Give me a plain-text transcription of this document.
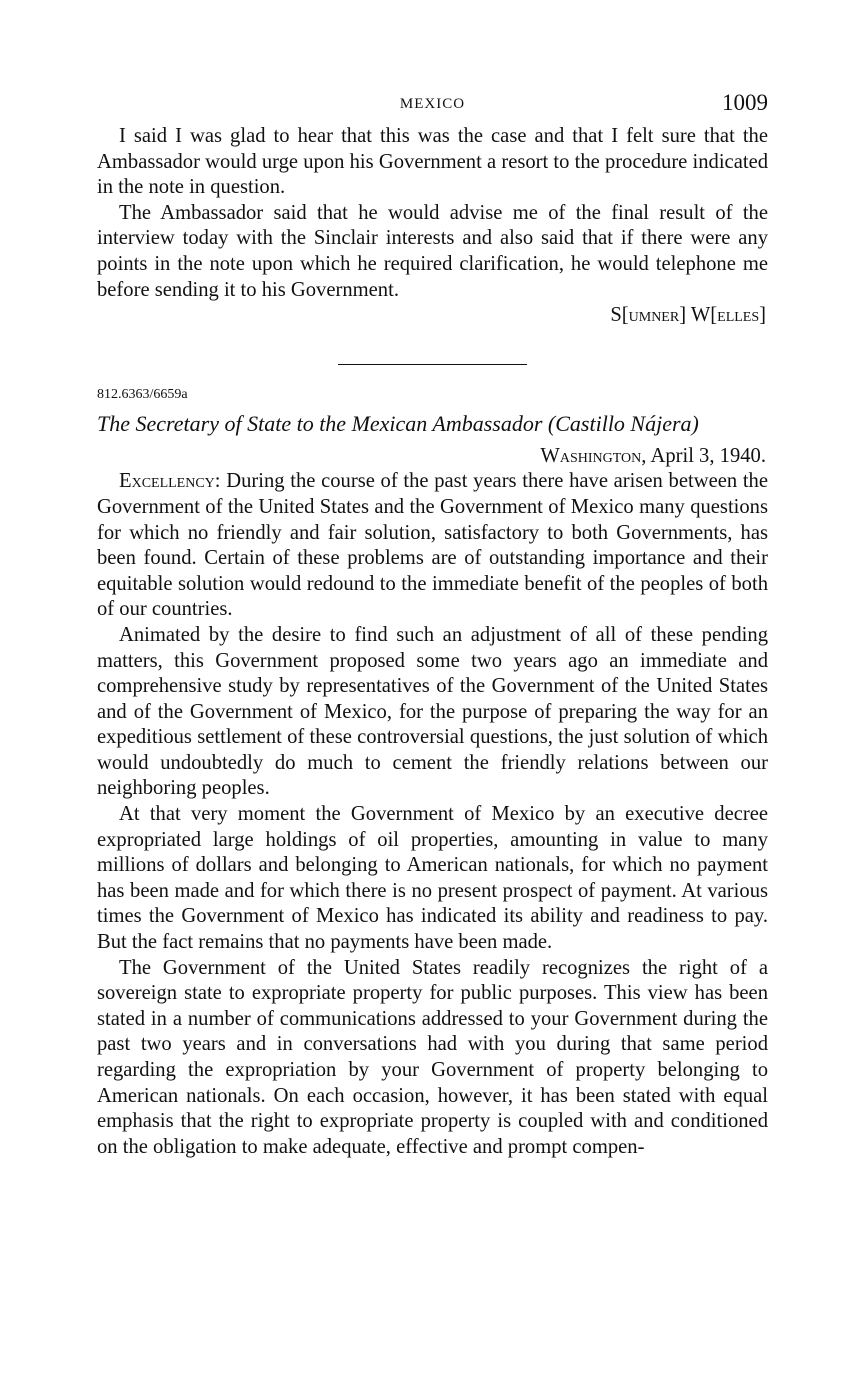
MEXICO	1009

I said I was glad to hear that this was the case and that I felt sure that the Ambassador would urge upon his Government a resort to the procedure indicated in the note in question.

The Ambassador said that he would advise me of the final result of the interview today with the Sinclair interests and also said that if there were any points in the note upon which he required clarification, he would telephone me before sending it to his Government.

S[umner] W[elles]
812.6363/6659a
The Secretary of State to the Mexican Ambassador (Castillo Nájera)
Washington, April 3, 1940.

Excellency: During the course of the past years there have arisen between the Government of the United States and the Government of Mexico many questions for which no friendly and fair solution, satisfactory to both Governments, has been found. Certain of these problems are of outstanding importance and their equitable solution would redound to the immediate benefit of the peoples of both of our countries.

Animated by the desire to find such an adjustment of all of these pending matters, this Government proposed some two years ago an immediate and comprehensive study by representatives of the Government of the United States and of the Government of Mexico, for the purpose of preparing the way for an expeditious settlement of these controversial questions, the just solution of which would undoubtedly do much to cement the friendly relations between our neighboring peoples.

At that very moment the Government of Mexico by an executive decree expropriated large holdings of oil properties, amounting in value to many millions of dollars and belonging to American nationals, for which no payment has been made and for which there is no present prospect of payment. At various times the Government of Mexico has indicated its ability and readiness to pay. But the fact remains that no payments have been made.

The Government of the United States readily recognizes the right of a sovereign state to expropriate property for public purposes. This view has been stated in a number of communications addressed to your Government during the past two years and in conversations had with you during that same period regarding the expropriation by your Government of property belonging to American nationals. On each occasion, however, it has been stated with equal emphasis that the right to expropriate property is coupled with and conditioned on the obligation to make adequate, effective and prompt compen-
